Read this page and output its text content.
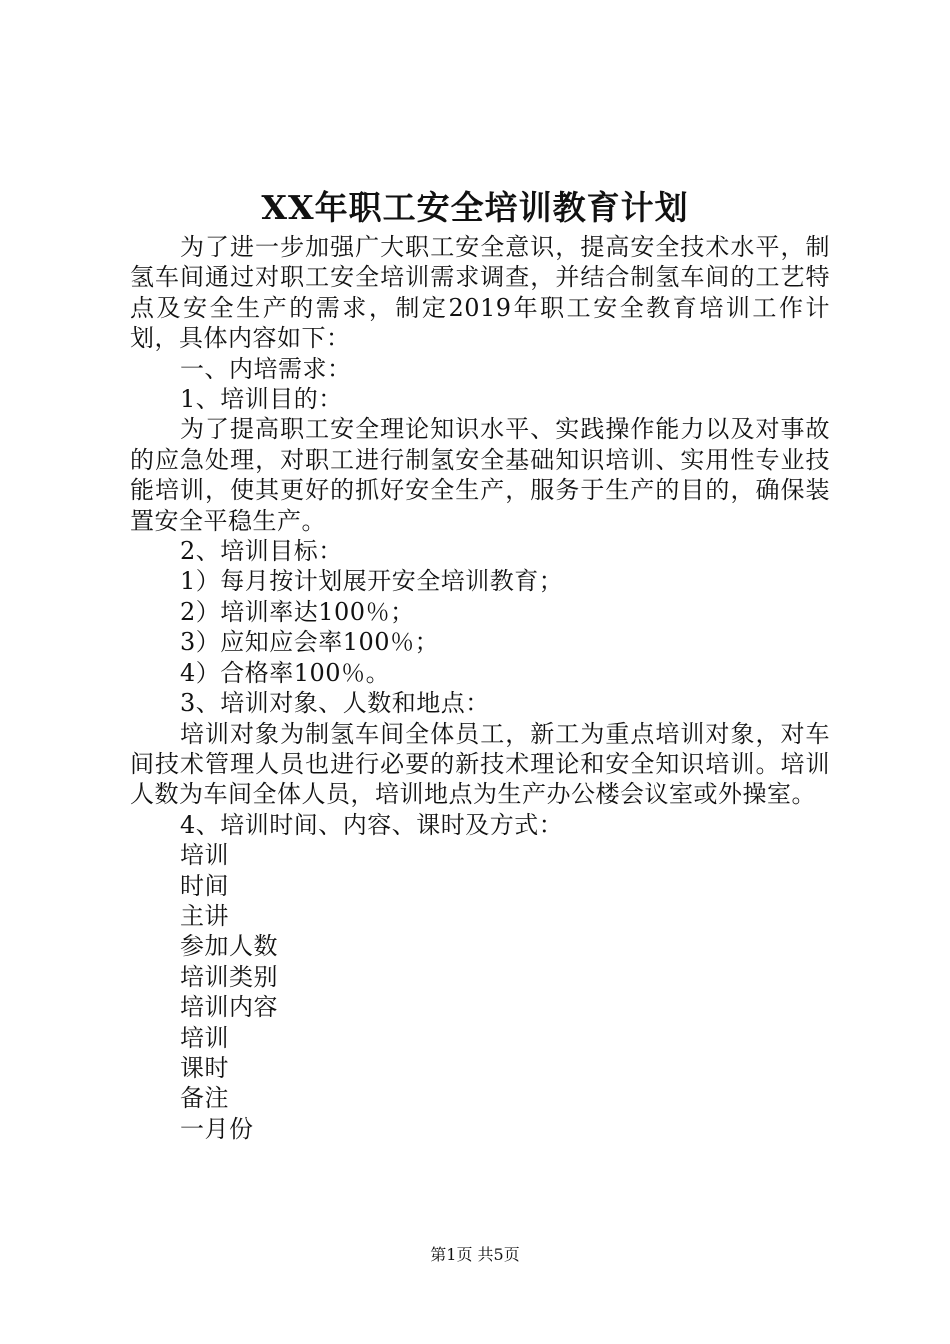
XX年职工安全培训教育计划

为了进一步加强广大职工安全意识，提高安全技术水平，制氢车间通过对职工安全培训需求调查，并结合制氢车间的工艺特点及安全生产的需求，制定2019年职工安全教育培训工作计划，具体内容如下：

一、内培需求：

1、培训目的：

为了提高职工安全理论知识水平、实践操作能力以及对事故的应急处理，对职工进行制氢安全基础知识培训、实用性专业技能培训，使其更好的抓好安全生产，服务于生产的目的，确保装置安全平稳生产。

2、培训目标：

1）每月按计划展开安全培训教育；

2）培训率达100％；

3）应知应会率100％；

4）合格率100％。

3、培训对象、人数和地点：

培训对象为制氢车间全体员工，新工为重点培训对象，对车间技术管理人员也进行必要的新技术理论和安全知识培训。培训人数为车间全体人员，培训地点为生产办公楼会议室或外操室。

4、培训时间、内容、课时及方式：

培训

时间

主讲

参加人数

培训类别

培训内容

培训

课时

备注

一月份

第1页 共5页
